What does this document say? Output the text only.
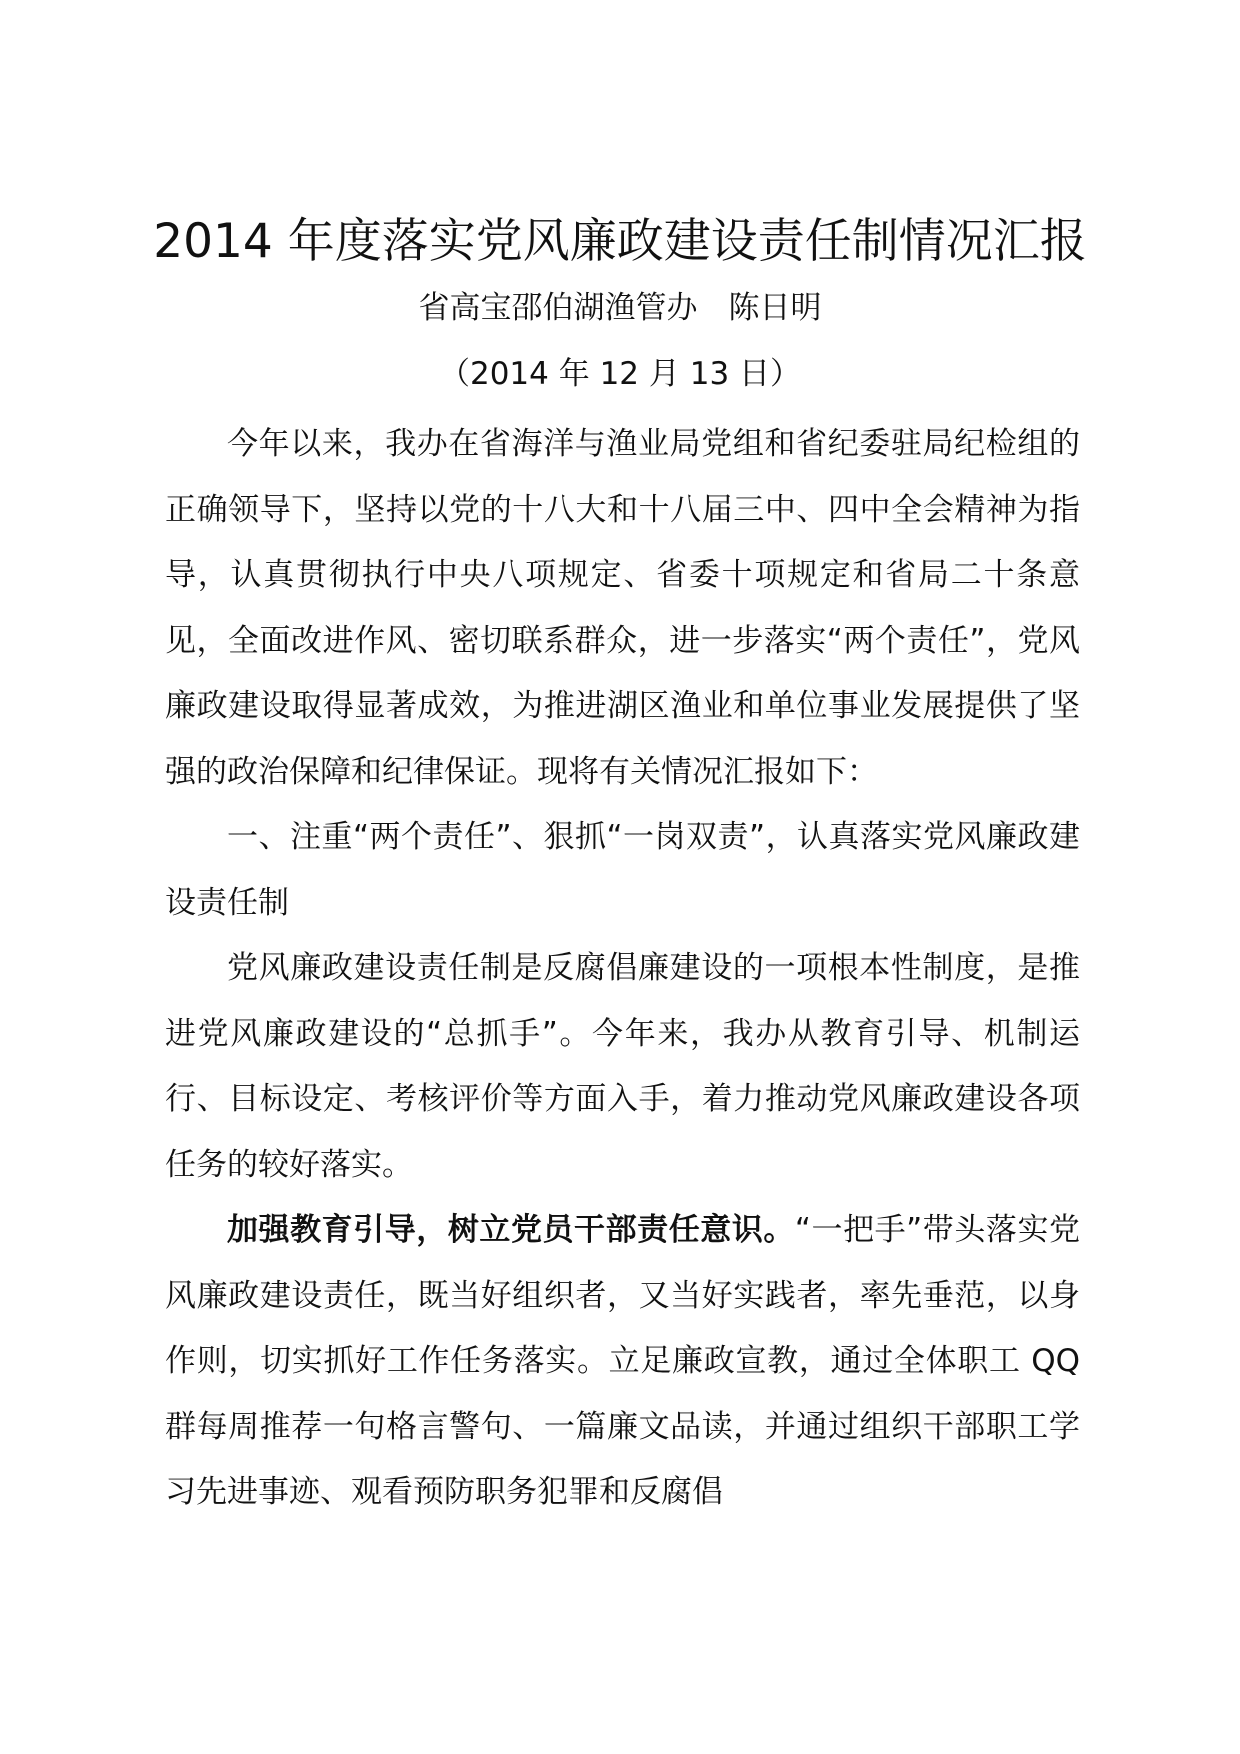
2014 年度落实党风廉政建设责任制情况汇报
省高宝邵伯湖渔管办　陈日明
（2014 年 12 月 13 日）

今年以来，我办在省海洋与渔业局党组和省纪委驻局纪检组的正确领导下，坚持以党的十八大和十八届三中、四中全会精神为指导，认真贯彻执行中央八项规定、省委十项规定和省局二十条意见，全面改进作风、密切联系群众，进一步落实“两个责任”，党风廉政建设取得显著成效，为推进湖区渔业和单位事业发展提供了坚强的政治保障和纪律保证。现将有关情况汇报如下：

一、注重“两个责任”、狠抓“一岗双责”，认真落实党风廉政建设责任制

党风廉政建设责任制是反腐倡廉建设的一项根本性制度，是推进党风廉政建设的“总抓手”。今年来，我办从教育引导、机制运行、目标设定、考核评价等方面入手，着力推动党风廉政建设各项任务的较好落实。

加强教育引导，树立党员干部责任意识。“一把手”带头落实党风廉政建设责任，既当好组织者，又当好实践者，率先垂范，以身作则，切实抓好工作任务落实。立足廉政宣教，通过全体职工 QQ 群每周推荐一句格言警句、一篇廉文品读，并通过组织干部职工学习先进事迹、观看预防职务犯罪和反腐倡
